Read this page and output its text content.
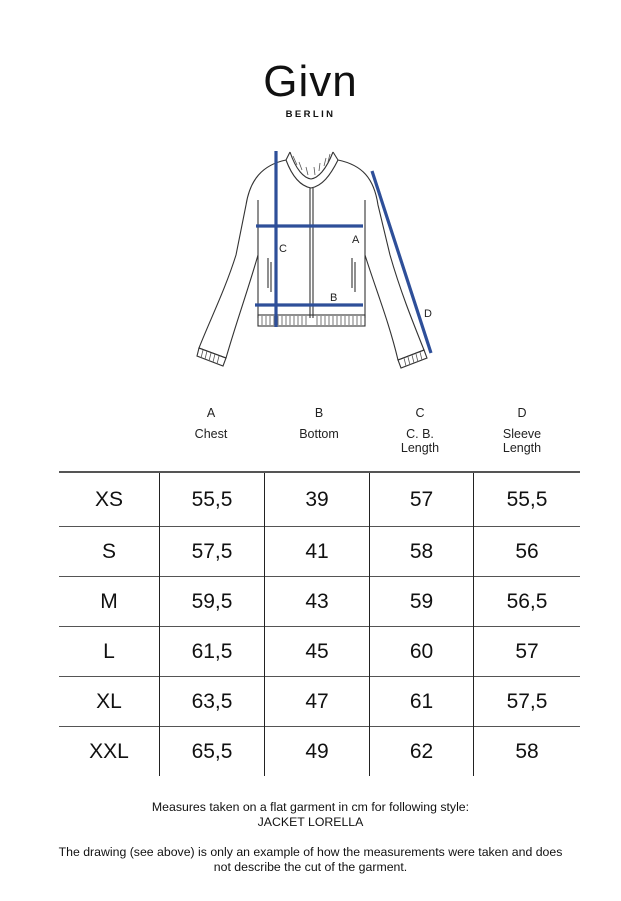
Givn
BERLIN
A
B
C
D
A
Chest
B
Bottom
C
C. B.
Length
D
Sleeve
Length
XS	55,5	39	57	55,5
S	57,5	41	58	56
M	59,5	43	59	56,5
L	61,5	45	60	57
XL	63,5	47	61	57,5
XXL	65,5	49	62	58
Measures taken on a flat garment in cm for following style:
JACKET LORELLA
The drawing (see above) is only an example of how the measurements were taken and does
not describe the cut of the garment.
